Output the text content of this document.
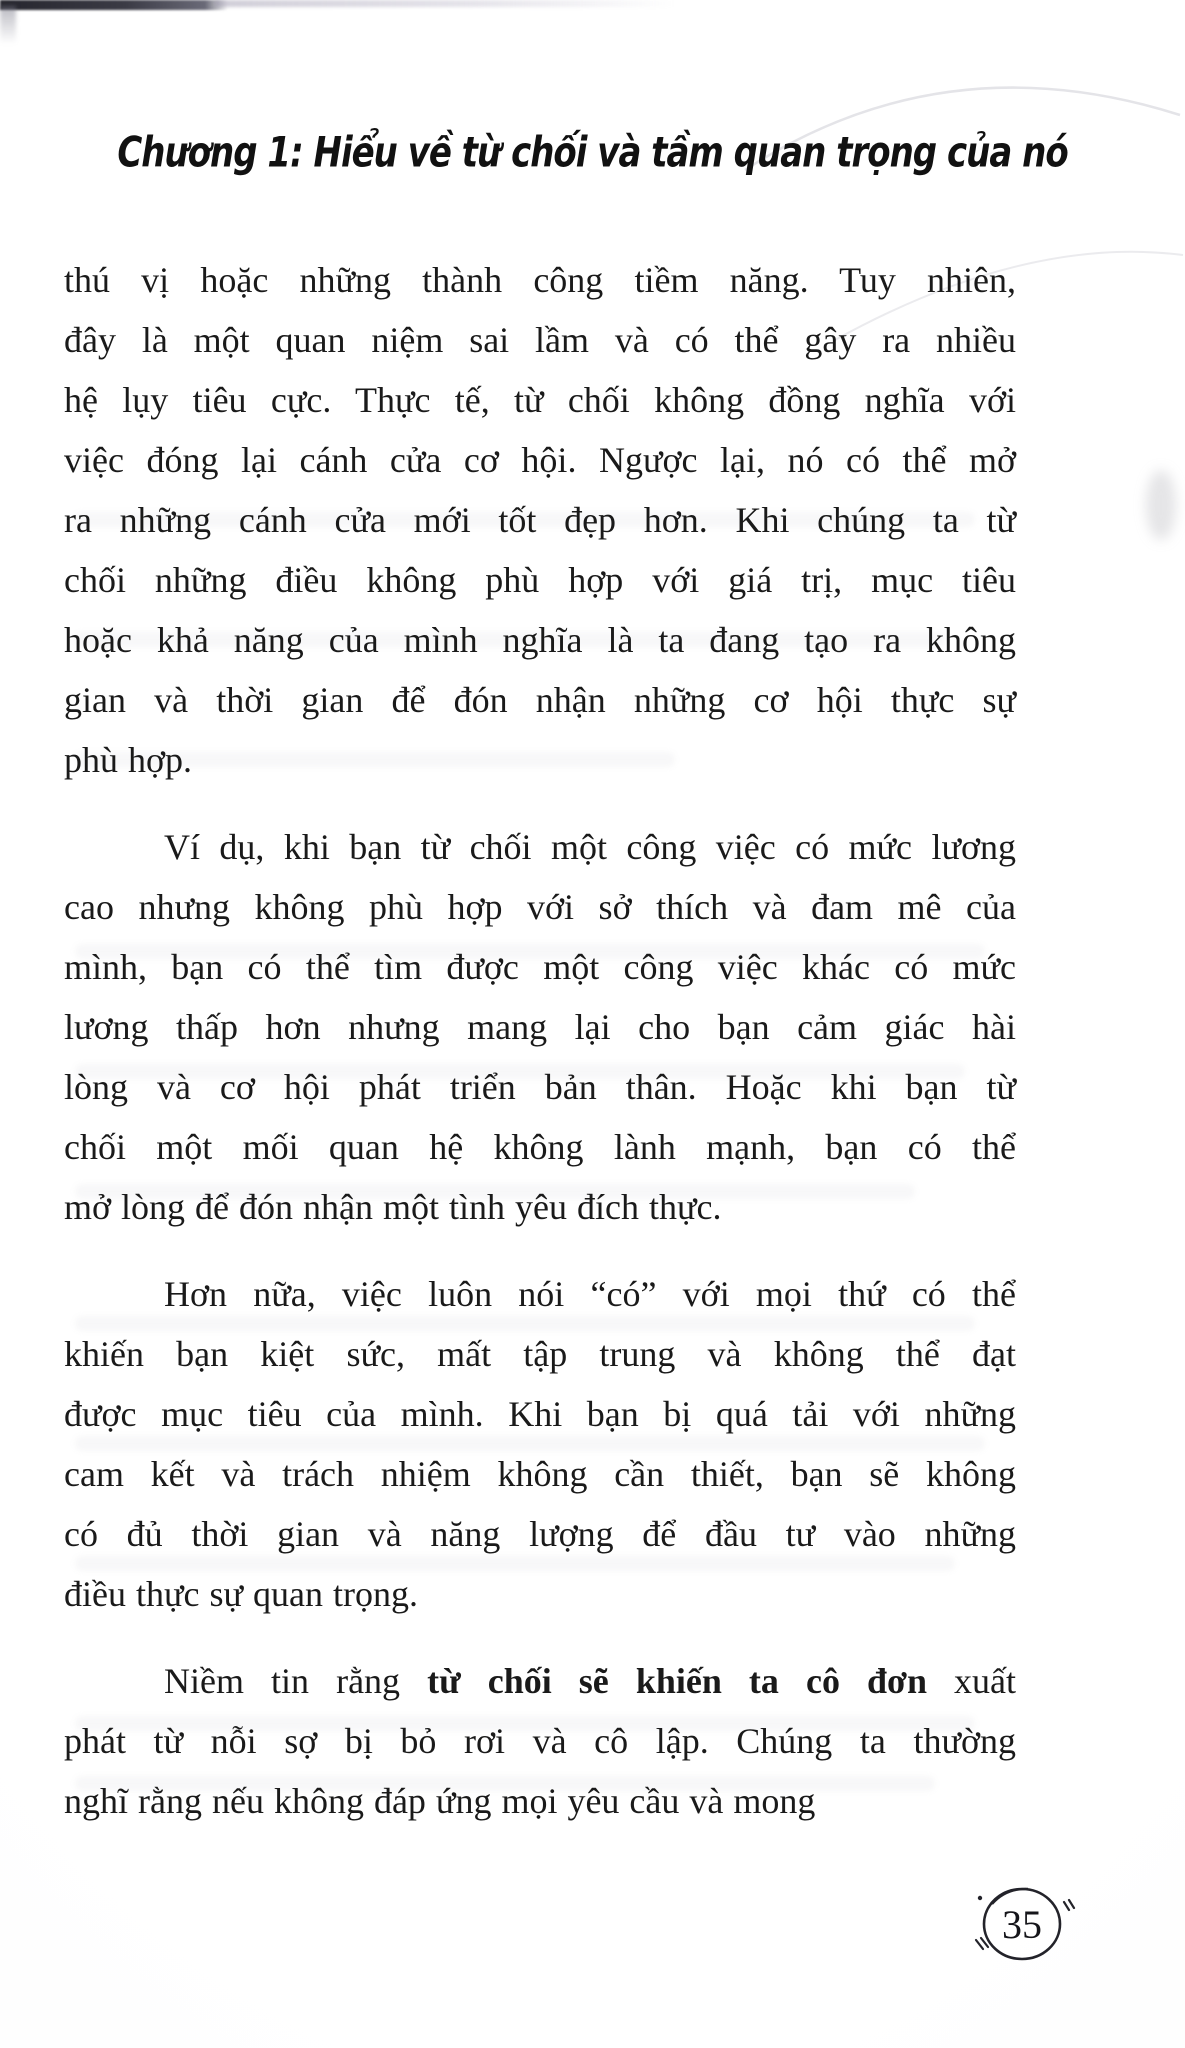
Chương 1: Hiểu về từ chối và tầm quan trọng của nó
thú vị hoặc những thành công tiềm năng. Tuy nhiên,
đây là một quan niệm sai lầm và có thể gây ra nhiều
hệ lụy tiêu cực. Thực tế, từ chối không đồng nghĩa với
việc đóng lại cánh cửa cơ hội. Ngược lại, nó có thể mở
ra những cánh cửa mới tốt đẹp hơn. Khi chúng ta từ
chối những điều không phù hợp với giá trị, mục tiêu
hoặc khả năng của mình nghĩa là ta đang tạo ra không
gian và thời gian để đón nhận những cơ hội thực sự
phù hợp.
Ví dụ, khi bạn từ chối một công việc có mức lương
cao nhưng không phù hợp với sở thích và đam mê của
mình, bạn có thể tìm được một công việc khác có mức
lương thấp hơn nhưng mang lại cho bạn cảm giác hài
lòng và cơ hội phát triển bản thân. Hoặc khi bạn từ
chối một mối quan hệ không lành mạnh, bạn có thể
mở lòng để đón nhận một tình yêu đích thực.
Hơn nữa, việc luôn nói “có” với mọi thứ có thể
khiến bạn kiệt sức, mất tập trung và không thể đạt
được mục tiêu của mình. Khi bạn bị quá tải với những
cam kết và trách nhiệm không cần thiết, bạn sẽ không
có đủ thời gian và năng lượng để đầu tư vào những
điều thực sự quan trọng.
Niềm tin rằng từ chối sẽ khiến ta cô đơn xuất
phát từ nỗi sợ bị bỏ rơi và cô lập. Chúng ta thường
nghĩ rằng nếu không đáp ứng mọi yêu cầu và mong
35
